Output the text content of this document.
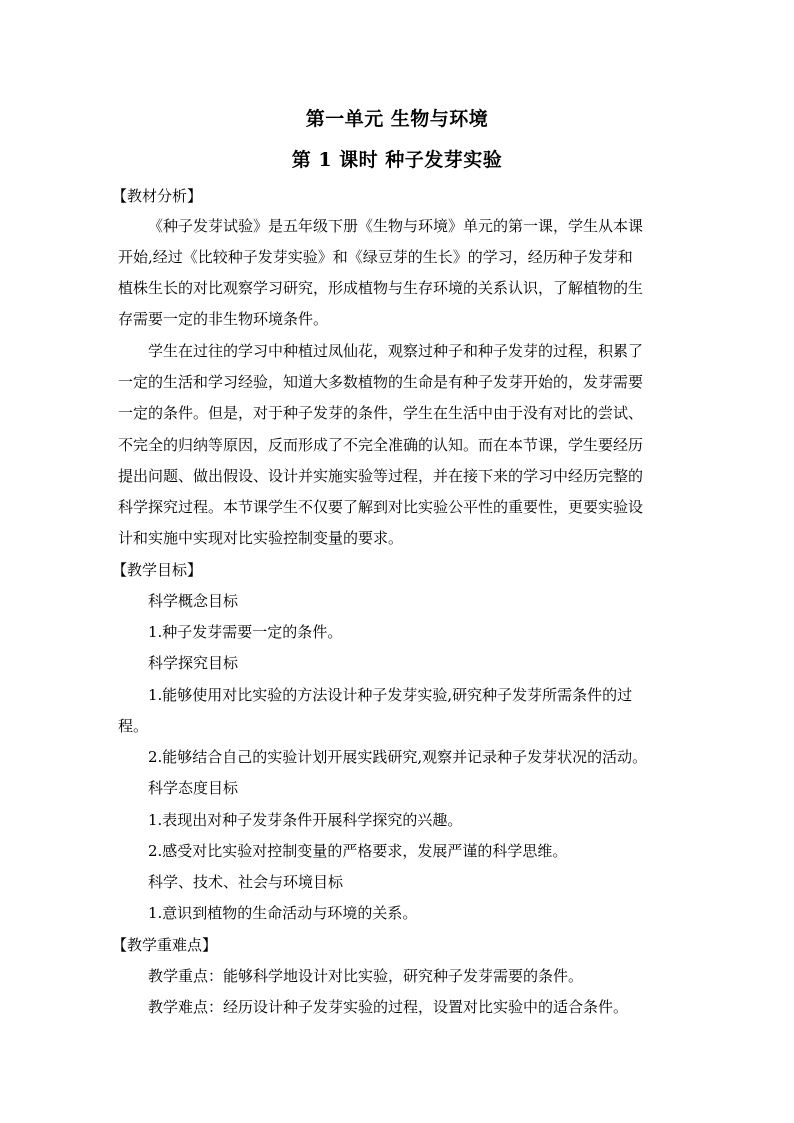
第一单元 生物与环境
第 1 课时 种子发芽实验
【教材分析】
《种子发芽试验》是五年级下册《生物与环境》单元的第一课，学生从本课
开始,经过《比较种子发芽实验》和《绿豆芽的生长》的学习，经历种子发芽和
植株生长的对比观察学习研究，形成植物与生存环境的关系认识，了解植物的生
存需要一定的非生物环境条件。
学生在过往的学习中种植过凤仙花，观察过种子和种子发芽的过程，积累了
一定的生活和学习经验，知道大多数植物的生命是有种子发芽开始的，发芽需要
一定的条件。但是，对于种子发芽的条件，学生在生活中由于没有对比的尝试、
不完全的归纳等原因，反而形成了不完全准确的认知。而在本节课，学生要经历
提出问题、做出假设、设计并实施实验等过程，并在接下来的学习中经历完整的
科学探究过程。本节课学生不仅要了解到对比实验公平性的重要性，更要实验设
计和实施中实现对比实验控制变量的要求。
【教学目标】
科学概念目标
1.种子发芽需要一定的条件。
科学探究目标
1.能够使用对比实验的方法设计种子发芽实验,研究种子发芽所需条件的过
程。
2.能够结合自己的实验计划开展实践研究,观察并记录种子发芽状况的活动。
科学态度目标
1.表现出对种子发芽条件开展科学探究的兴趣。
2.感受对比实验对控制变量的严格要求，发展严谨的科学思维。
科学、技术、社会与环境目标
1.意识到植物的生命活动与环境的关系。
【教学重难点】
教学重点：能够科学地设计对比实验，研究种子发芽需要的条件。
教学难点：经历设计种子发芽实验的过程，设置对比实验中的适合条件。
